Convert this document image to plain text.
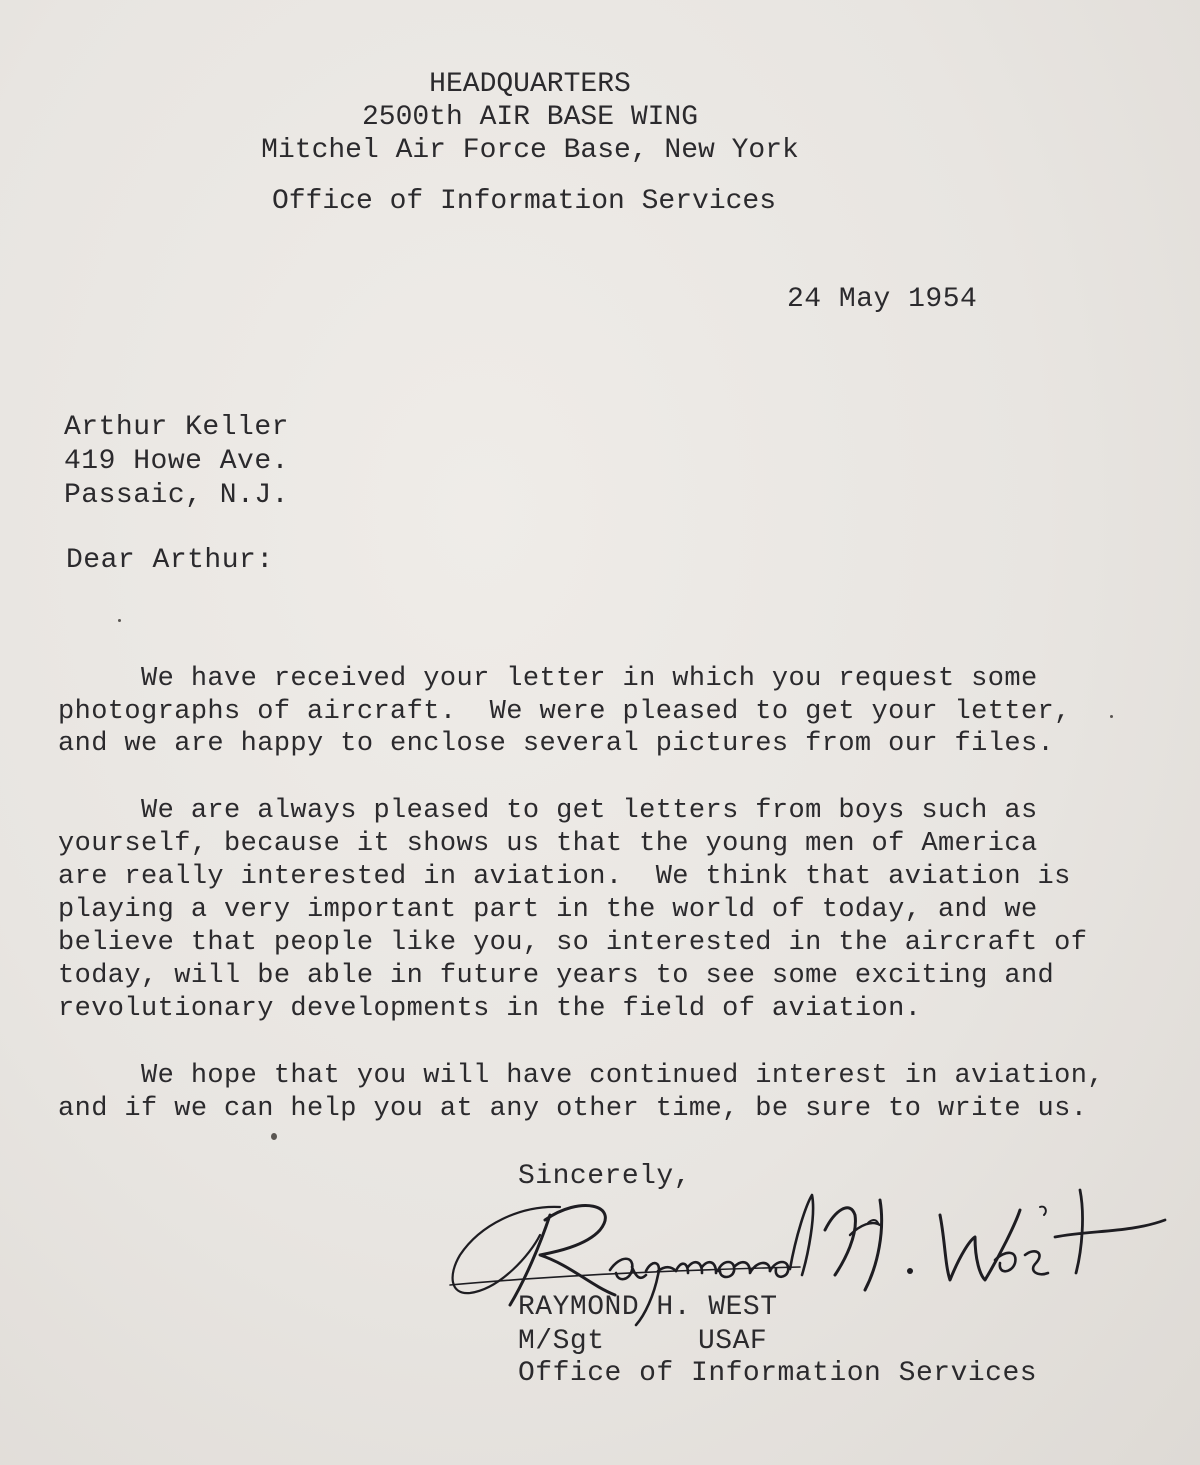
HEADQUARTERS
2500th AIR BASE WING
Mitchel Air Force Base, New York
Office of Information Services
24 May 1954
Arthur Keller
419 Howe Ave.
Passaic, N.J.
Dear Arthur:
We have received your letter in which you request some
photographs of aircraft.  We were pleased to get your letter,
and we are happy to enclose several pictures from our files.
We are always pleased to get letters from boys such as
yourself, because it shows us that the young men of America
are really interested in aviation.  We think that aviation is
playing a very important part in the world of today, and we
believe that people like you, so interested in the aircraft of
today, will be able in future years to see some exciting and
revolutionary developments in the field of aviation.
We hope that you will have continued interest in aviation,
and if we can help you at any other time, be sure to write us.
Sincerely,
RAYMOND H. WEST
M/Sgt	USAF
Office of Information Services
